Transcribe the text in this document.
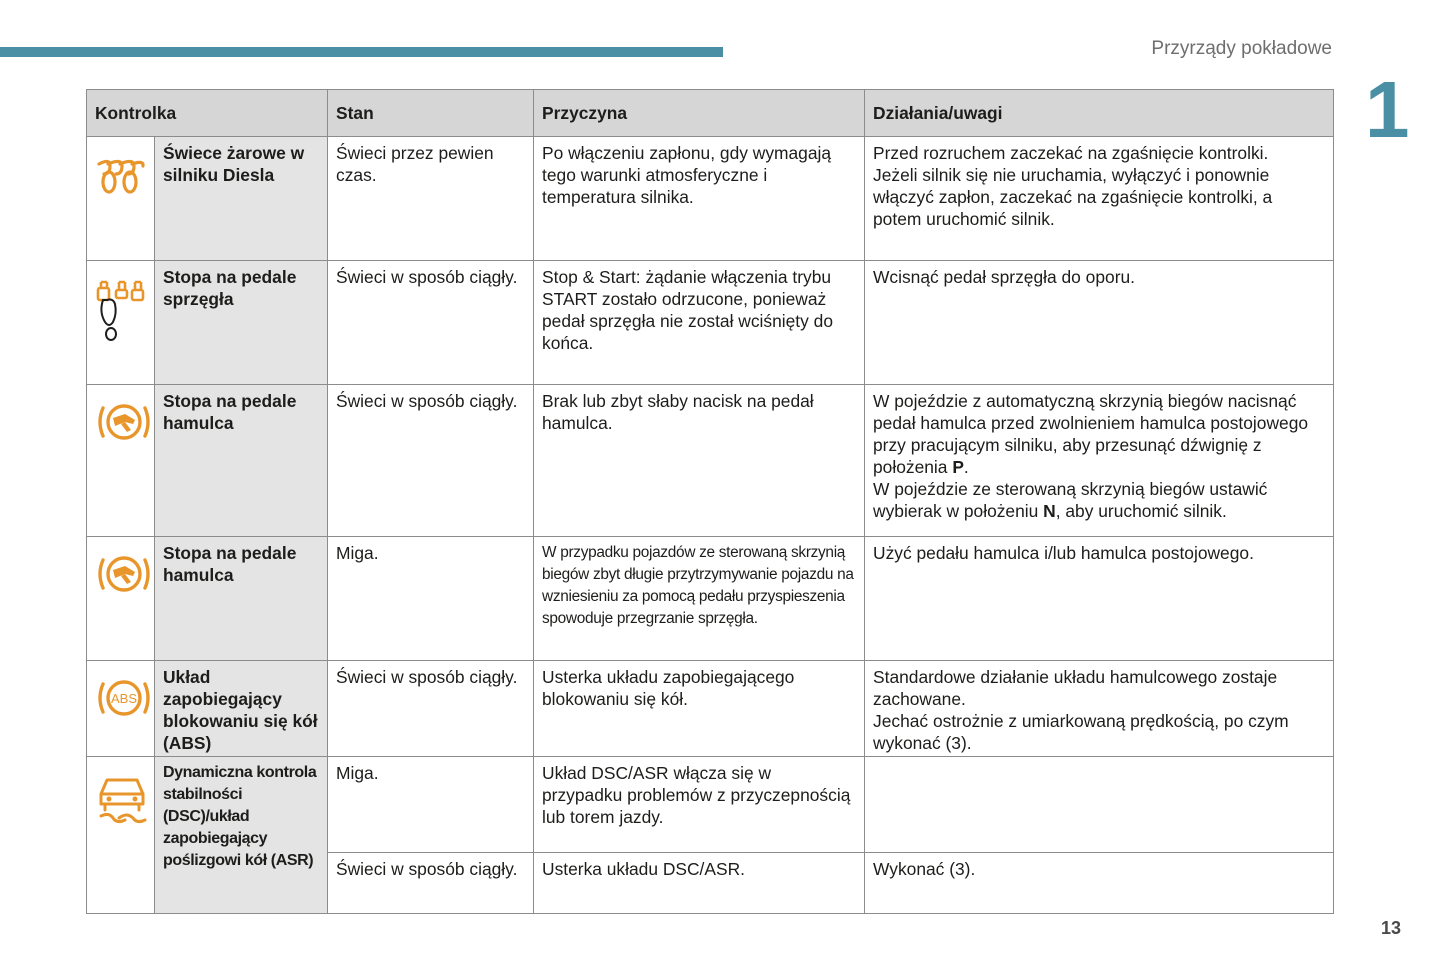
Przyrządy pokładowe
1
13
Kontrolka		Stan	Przyczyna	Działania/uwagi

	Świece żarowe w silniku Diesla	Świeci przez pewien czas.	Po włączeniu zapłonu, gdy wymagają tego warunki atmosferyczne i temperatura silnika.	Przed rozruchem zaczekać na zgaśnięcie kontrolki.
Jeżeli silnik się nie uruchamia, wyłączyć i ponownie włączyć zapłon, zaczekać na zgaśnięcie kontrolki, a potem uruchomić silnik.

	Stopa na pedale sprzęgła	Świeci w sposób ciągły.	Stop & Start: żądanie włączenia trybu START zostało odrzucone, ponieważ pedał sprzęgła nie został wciśnięty do końca.	Wcisnąć pedał sprzęgła do oporu.

	Stopa na pedale hamulca	Świeci w sposób ciągły.	Brak lub zbyt słaby nacisk na pedał hamulca.	W pojeździe z automatyczną skrzynią biegów nacisnąć pedał hamulca przed zwolnieniem hamulca postojowego przy pracującym silniku, aby przesunąć dźwignię z położenia P.
W pojeździe ze sterowaną skrzynią biegów ustawić wybierak w położeniu N, aby uruchomić silnik.

	Stopa na pedale hamulca	Miga.	W przypadku pojazdów ze sterowaną skrzynią biegów zbyt długie przytrzymywanie pojazdu na wzniesieniu za pomocą pedału przyspieszenia spowoduje przegrzanie sprzęgła.	Użyć pedału hamulca i/lub hamulca postojowego.

ABS	Układ zapobiegający blokowaniu się kół (ABS)	Świeci w sposób ciągły.	Usterka układu zapobiegającego blokowaniu się kół.	Standardowe działanie układu hamulcowego zostaje zachowane.
Jechać ostrożnie z umiarkowaną prędkością, po czym wykonać (3).

	Dynamiczna kontrola stabilności (DSC)/układ zapobiegający poślizgowi kół (ASR)	Miga.	Układ DSC/ASR włącza się w przypadku problemów z przyczepnością lub torem jazdy.	
		Świeci w sposób ciągły.	Usterka układu DSC/ASR.	Wykonać (3).
